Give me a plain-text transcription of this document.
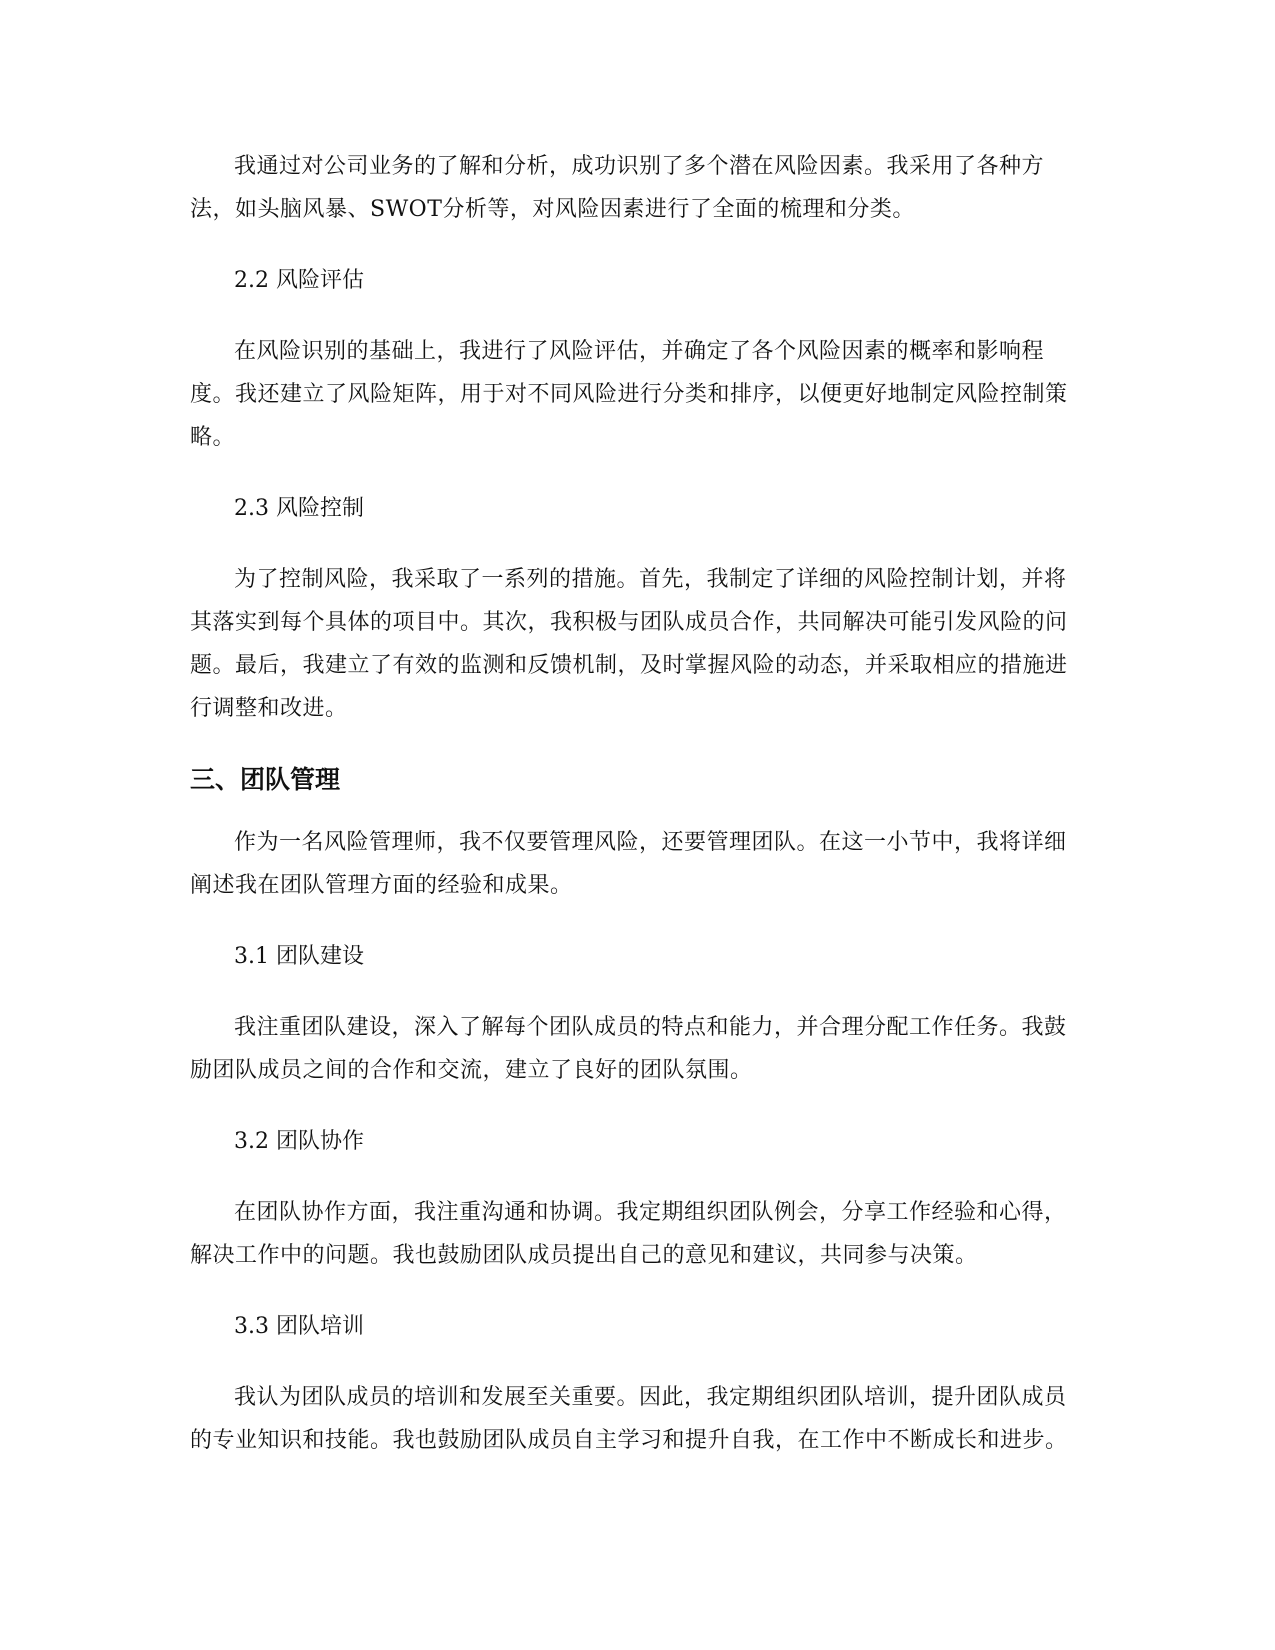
我通过对公司业务的了解和分析，成功识别了多个潜在风险因素。我采用了各种方法，如头脑风暴、SWOT分析等，对风险因素进行了全面的梳理和分类。

2.2 风险评估

在风险识别的基础上，我进行了风险评估，并确定了各个风险因素的概率和影响程度。我还建立了风险矩阵，用于对不同风险进行分类和排序，以便更好地制定风险控制策略。

2.3 风险控制

为了控制风险，我采取了一系列的措施。首先，我制定了详细的风险控制计划，并将其落实到每个具体的项目中。其次，我积极与团队成员合作，共同解决可能引发风险的问题。最后，我建立了有效的监测和反馈机制，及时掌握风险的动态，并采取相应的措施进行调整和改进。

三、团队管理

作为一名风险管理师，我不仅要管理风险，还要管理团队。在这一小节中，我将详细阐述我在团队管理方面的经验和成果。

3.1 团队建设

我注重团队建设，深入了解每个团队成员的特点和能力，并合理分配工作任务。我鼓励团队成员之间的合作和交流，建立了良好的团队氛围。

3.2 团队协作

在团队协作方面，我注重沟通和协调。我定期组织团队例会，分享工作经验和心得，解决工作中的问题。我也鼓励团队成员提出自己的意见和建议，共同参与决策。

3.3 团队培训

我认为团队成员的培训和发展至关重要。因此，我定期组织团队培训，提升团队成员的专业知识和技能。我也鼓励团队成员自主学习和提升自我，在工作中不断成长和进步。
